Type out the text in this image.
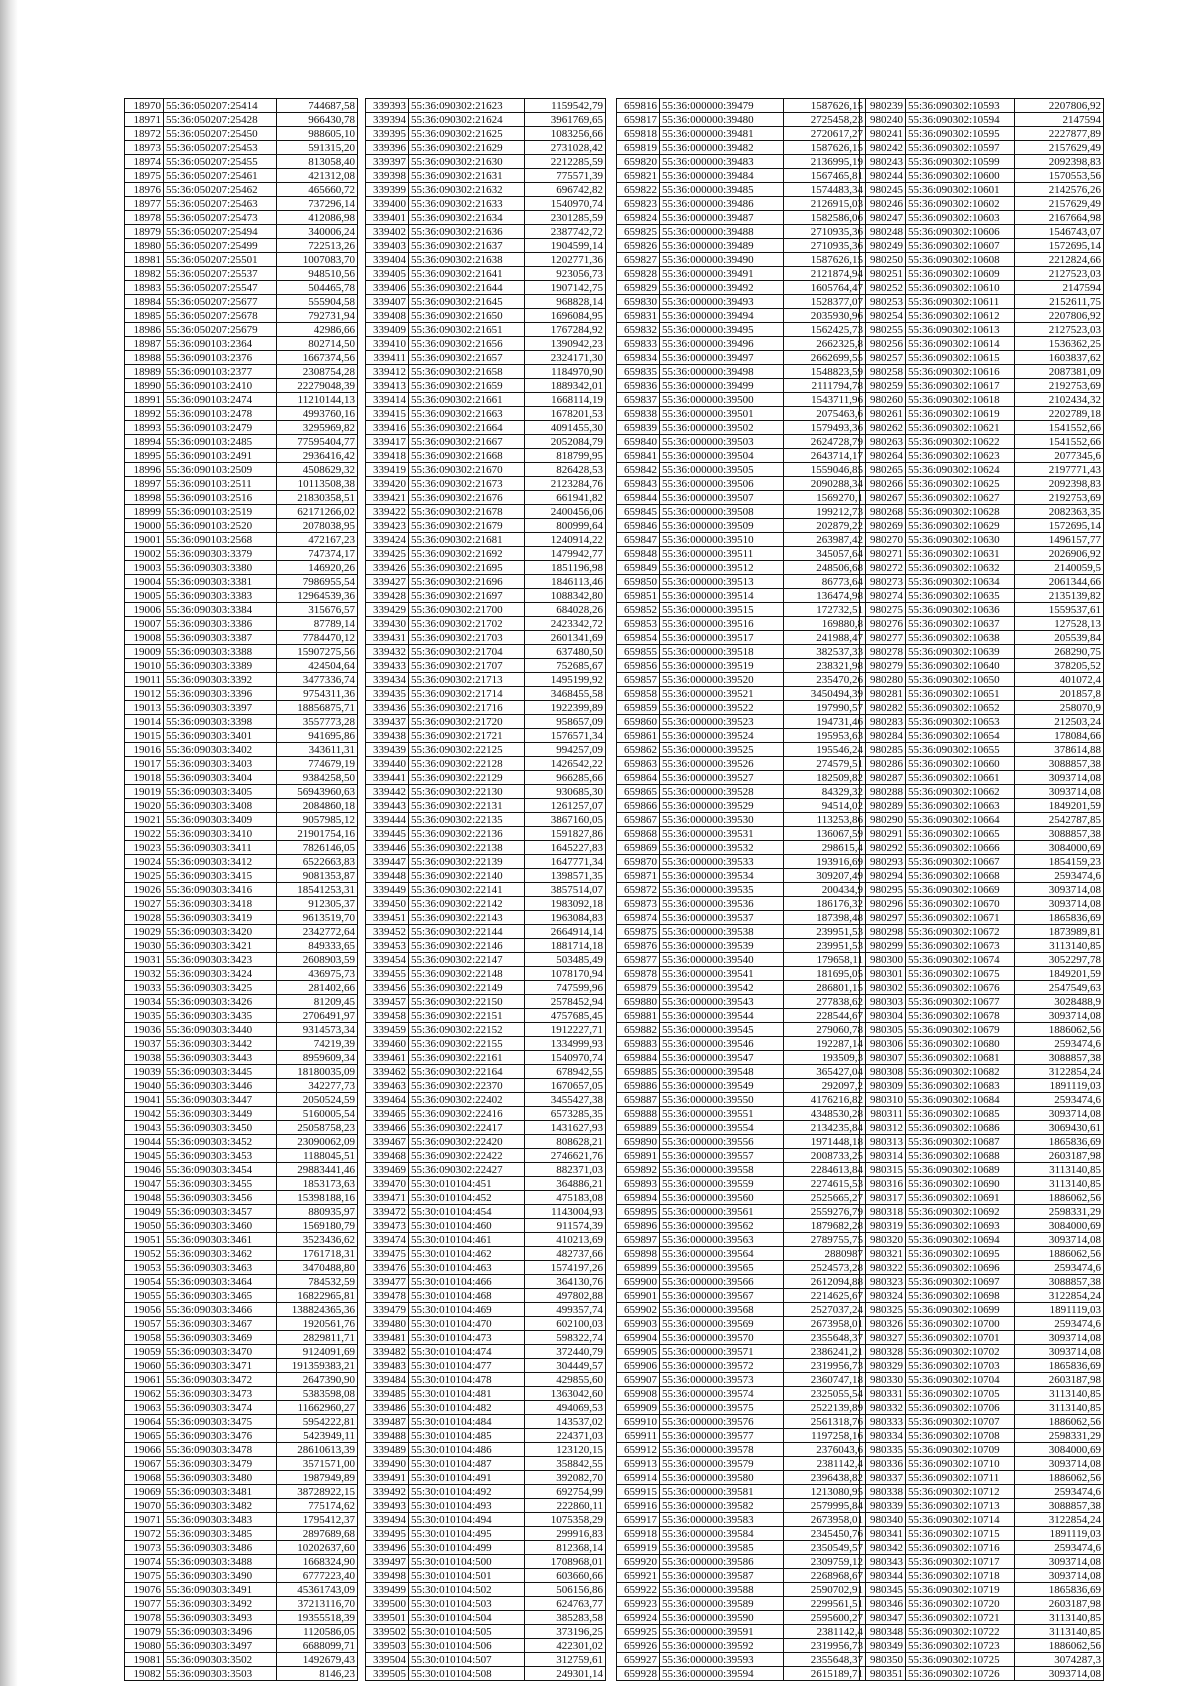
18970	55:36:050207:25414	744687,58
18971	55:36:050207:25428	966430,78
18972	55:36:050207:25450	988605,10
18973	55:36:050207:25453	591315,20
18974	55:36:050207:25455	813058,40
18975	55:36:050207:25461	421312,08
18976	55:36:050207:25462	465660,72
18977	55:36:050207:25463	737296,14
18978	55:36:050207:25473	412086,98
18979	55:36:050207:25494	340006,24
18980	55:36:050207:25499	722513,26
18981	55:36:050207:25501	1007083,70
18982	55:36:050207:25537	948510,56
18983	55:36:050207:25547	504465,78
18984	55:36:050207:25677	555904,58
18985	55:36:050207:25678	792731,94
18986	55:36:050207:25679	42986,66
18987	55:36:090103:2364	802714,50
18988	55:36:090103:2376	1667374,56
18989	55:36:090103:2377	2308754,28
18990	55:36:090103:2410	22279048,39
18991	55:36:090103:2474	11210144,13
18992	55:36:090103:2478	4993760,16
18993	55:36:090103:2479	3295969,82
18994	55:36:090103:2485	77595404,77
18995	55:36:090103:2491	2936416,42
18996	55:36:090103:2509	4508629,32
18997	55:36:090103:2511	10113508,38
18998	55:36:090103:2516	21830358,51
18999	55:36:090103:2519	62171266,02
19000	55:36:090103:2520	2078038,95
19001	55:36:090103:2568	472167,23
19002	55:36:090303:3379	747374,17
19003	55:36:090303:3380	146920,26
19004	55:36:090303:3381	7986955,54
19005	55:36:090303:3383	12964539,36
19006	55:36:090303:3384	315676,57
19007	55:36:090303:3386	87789,14
19008	55:36:090303:3387	7784470,12
19009	55:36:090303:3388	15907275,56
19010	55:36:090303:3389	424504,64
19011	55:36:090303:3392	3477336,74
19012	55:36:090303:3396	9754311,36
19013	55:36:090303:3397	18856875,71
19014	55:36:090303:3398	3557773,28
19015	55:36:090303:3401	941695,86
19016	55:36:090303:3402	343611,31
19017	55:36:090303:3403	774679,19
19018	55:36:090303:3404	9384258,50
19019	55:36:090303:3405	56943960,63
19020	55:36:090303:3408	2084860,18
19021	55:36:090303:3409	9057985,12
19022	55:36:090303:3410	21901754,16
19023	55:36:090303:3411	7826146,05
19024	55:36:090303:3412	6522663,83
19025	55:36:090303:3415	9081353,87
19026	55:36:090303:3416	18541253,31
19027	55:36:090303:3418	912305,37
19028	55:36:090303:3419	9613519,70
19029	55:36:090303:3420	2342772,64
19030	55:36:090303:3421	849333,65
19031	55:36:090303:3423	2608903,59
19032	55:36:090303:3424	436975,73
19033	55:36:090303:3425	281402,66
19034	55:36:090303:3426	81209,45
19035	55:36:090303:3435	2706491,97
19036	55:36:090303:3440	9314573,34
19037	55:36:090303:3442	74219,39
19038	55:36:090303:3443	8959609,34
19039	55:36:090303:3445	18180035,09
19040	55:36:090303:3446	342277,73
19041	55:36:090303:3447	2050524,59
19042	55:36:090303:3449	5160005,54
19043	55:36:090303:3450	25058758,23
19044	55:36:090303:3452	23090062,09
19045	55:36:090303:3453	1188045,51
19046	55:36:090303:3454	29883441,46
19047	55:36:090303:3455	1853173,63
19048	55:36:090303:3456	15398188,16
19049	55:36:090303:3457	880935,97
19050	55:36:090303:3460	1569180,79
19051	55:36:090303:3461	3523436,62
19052	55:36:090303:3462	1761718,31
19053	55:36:090303:3463	3470488,80
19054	55:36:090303:3464	784532,59
19055	55:36:090303:3465	16822965,81
19056	55:36:090303:3466	138824365,36
19057	55:36:090303:3467	1920561,76
19058	55:36:090303:3469	2829811,71
19059	55:36:090303:3470	9124091,69
19060	55:36:090303:3471	191359383,21
19061	55:36:090303:3472	2647390,90
19062	55:36:090303:3473	5383598,08
19063	55:36:090303:3474	11662960,27
19064	55:36:090303:3475	5954222,81
19065	55:36:090303:3476	5423949,11
19066	55:36:090303:3478	28610613,39
19067	55:36:090303:3479	3571571,00
19068	55:36:090303:3480	1987949,89
19069	55:36:090303:3481	38728922,15
19070	55:36:090303:3482	775174,62
19071	55:36:090303:3483	1795412,37
19072	55:36:090303:3485	2897689,68
19073	55:36:090303:3486	10202637,60
19074	55:36:090303:3488	1668324,90
19075	55:36:090303:3490	6777223,40
19076	55:36:090303:3491	45361743,09
19077	55:36:090303:3492	37213116,70
19078	55:36:090303:3493	19355518,39
19079	55:36:090303:3496	1120586,05
19080	55:36:090303:3497	6688099,71
19081	55:36:090303:3502	1492679,43
19082	55:36:090303:3503	8146,23
339393	55:36:090302:21623	1159542,79
339394	55:36:090302:21624	3961769,65
339395	55:36:090302:21625	1083256,66
339396	55:36:090302:21629	2731028,42
339397	55:36:090302:21630	2212285,59
339398	55:36:090302:21631	775571,39
339399	55:36:090302:21632	696742,82
339400	55:36:090302:21633	1540970,74
339401	55:36:090302:21634	2301285,59
339402	55:36:090302:21636	2387742,72
339403	55:36:090302:21637	1904599,14
339404	55:36:090302:21638	1202771,36
339405	55:36:090302:21641	923056,73
339406	55:36:090302:21644	1907142,75
339407	55:36:090302:21645	968828,14
339408	55:36:090302:21650	1696084,95
339409	55:36:090302:21651	1767284,92
339410	55:36:090302:21656	1390942,23
339411	55:36:090302:21657	2324171,30
339412	55:36:090302:21658	1184970,90
339413	55:36:090302:21659	1889342,01
339414	55:36:090302:21661	1668114,19
339415	55:36:090302:21663	1678201,53
339416	55:36:090302:21664	4091455,30
339417	55:36:090302:21667	2052084,79
339418	55:36:090302:21668	818799,95
339419	55:36:090302:21670	826428,53
339420	55:36:090302:21673	2123284,76
339421	55:36:090302:21676	661941,82
339422	55:36:090302:21678	2400456,06
339423	55:36:090302:21679	800999,64
339424	55:36:090302:21681	1240914,22
339425	55:36:090302:21692	1479942,77
339426	55:36:090302:21695	1851196,98
339427	55:36:090302:21696	1846113,46
339428	55:36:090302:21697	1088342,80
339429	55:36:090302:21700	684028,26
339430	55:36:090302:21702	2423342,72
339431	55:36:090302:21703	2601341,69
339432	55:36:090302:21704	637480,50
339433	55:36:090302:21707	752685,67
339434	55:36:090302:21713	1495199,92
339435	55:36:090302:21714	3468455,58
339436	55:36:090302:21716	1922399,89
339437	55:36:090302:21720	958657,09
339438	55:36:090302:21721	1576571,34
339439	55:36:090302:22125	994257,09
339440	55:36:090302:22128	1426542,22
339441	55:36:090302:22129	966285,66
339442	55:36:090302:22130	930685,30
339443	55:36:090302:22131	1261257,07
339444	55:36:090302:22135	3867160,05
339445	55:36:090302:22136	1591827,86
339446	55:36:090302:22138	1645227,83
339447	55:36:090302:22139	1647771,34
339448	55:36:090302:22140	1398571,35
339449	55:36:090302:22141	3857514,07
339450	55:36:090302:22142	1983092,18
339451	55:36:090302:22143	1963084,83
339452	55:36:090302:22144	2664914,14
339453	55:36:090302:22146	1881714,18
339454	55:36:090302:22147	503485,49
339455	55:36:090302:22148	1078170,94
339456	55:36:090302:22149	747599,96
339457	55:36:090302:22150	2578452,94
339458	55:36:090302:22151	4757685,45
339459	55:36:090302:22152	1912227,71
339460	55:36:090302:22155	1334999,93
339461	55:36:090302:22161	1540970,74
339462	55:36:090302:22164	678942,55
339463	55:36:090302:22370	1670657,05
339464	55:36:090302:22402	3455427,38
339465	55:36:090302:22416	6573285,35
339466	55:36:090302:22417	1431627,93
339467	55:36:090302:22420	808628,21
339468	55:36:090302:22422	2746621,76
339469	55:36:090302:22427	882371,03
339470	55:30:010104:451	364886,21
339471	55:30:010104:452	475183,08
339472	55:30:010104:454	1143004,93
339473	55:30:010104:460	911574,39
339474	55:30:010104:461	410213,69
339475	55:30:010104:462	482737,66
339476	55:30:010104:463	1574197,26
339477	55:30:010104:466	364130,76
339478	55:30:010104:468	497802,88
339479	55:30:010104:469	499357,74
339480	55:30:010104:470	602100,03
339481	55:30:010104:473	598322,74
339482	55:30:010104:474	372440,79
339483	55:30:010104:477	304449,57
339484	55:30:010104:478	429855,60
339485	55:30:010104:481	1363042,60
339486	55:30:010104:482	494069,53
339487	55:30:010104:484	143537,02
339488	55:30:010104:485	224371,03
339489	55:30:010104:486	123120,15
339490	55:30:010104:487	358842,55
339491	55:30:010104:491	392082,70
339492	55:30:010104:492	692754,99
339493	55:30:010104:493	222860,11
339494	55:30:010104:494	1075358,29
339495	55:30:010104:495	299916,83
339496	55:30:010104:499	812368,14
339497	55:30:010104:500	1708968,01
339498	55:30:010104:501	603660,66
339499	55:30:010104:502	506156,86
339500	55:30:010104:503	624763,77
339501	55:30:010104:504	385283,58
339502	55:30:010104:505	373196,25
339503	55:30:010104:506	422301,02
339504	55:30:010104:507	312759,61
339505	55:30:010104:508	249301,14
659816	55:36:000000:39479	1587626,15
659817	55:36:000000:39480	2725458,23
659818	55:36:000000:39481	2720617,27
659819	55:36:000000:39482	1587626,15
659820	55:36:000000:39483	2136995,19
659821	55:36:000000:39484	1567465,81
659822	55:36:000000:39485	1574483,34
659823	55:36:000000:39486	2126915,03
659824	55:36:000000:39487	1582586,06
659825	55:36:000000:39488	2710935,36
659826	55:36:000000:39489	2710935,36
659827	55:36:000000:39490	1587626,15
659828	55:36:000000:39491	2121874,94
659829	55:36:000000:39492	1605764,47
659830	55:36:000000:39493	1528377,07
659831	55:36:000000:39494	2035930,96
659832	55:36:000000:39495	1562425,73
659833	55:36:000000:39496	2662325,8
659834	55:36:000000:39497	2662699,55
659835	55:36:000000:39498	1548823,59
659836	55:36:000000:39499	2111794,78
659837	55:36:000000:39500	1543711,96
659838	55:36:000000:39501	2075463,6
659839	55:36:000000:39502	1579493,36
659840	55:36:000000:39503	2624728,79
659841	55:36:000000:39504	2643714,17
659842	55:36:000000:39505	1559046,85
659843	55:36:000000:39506	2090288,34
659844	55:36:000000:39507	1569270,1
659845	55:36:000000:39508	199212,73
659846	55:36:000000:39509	202879,22
659847	55:36:000000:39510	263987,42
659848	55:36:000000:39511	345057,64
659849	55:36:000000:39512	248506,68
659850	55:36:000000:39513	86773,64
659851	55:36:000000:39514	136474,98
659852	55:36:000000:39515	172732,51
659853	55:36:000000:39516	169880,8
659854	55:36:000000:39517	241988,47
659855	55:36:000000:39518	382537,33
659856	55:36:000000:39519	238321,98
659857	55:36:000000:39520	235470,26
659858	55:36:000000:39521	3450494,39
659859	55:36:000000:39522	197990,57
659860	55:36:000000:39523	194731,46
659861	55:36:000000:39524	195953,63
659862	55:36:000000:39525	195546,24
659863	55:36:000000:39526	274579,51
659864	55:36:000000:39527	182509,82
659865	55:36:000000:39528	84329,32
659866	55:36:000000:39529	94514,02
659867	55:36:000000:39530	113253,86
659868	55:36:000000:39531	136067,59
659869	55:36:000000:39532	298615,4
659870	55:36:000000:39533	193916,69
659871	55:36:000000:39534	309207,49
659872	55:36:000000:39535	200434,9
659873	55:36:000000:39536	186176,32
659874	55:36:000000:39537	187398,48
659875	55:36:000000:39538	239951,53
659876	55:36:000000:39539	239951,53
659877	55:36:000000:39540	179658,11
659878	55:36:000000:39541	181695,05
659879	55:36:000000:39542	286801,15
659880	55:36:000000:39543	277838,62
659881	55:36:000000:39544	228544,67
659882	55:36:000000:39545	279060,78
659883	55:36:000000:39546	192287,14
659884	55:36:000000:39547	193509,3
659885	55:36:000000:39548	365427,04
659886	55:36:000000:39549	292097,2
659887	55:36:000000:39550	4176216,82
659888	55:36:000000:39551	4348530,28
659889	55:36:000000:39554	2134235,84
659890	55:36:000000:39556	1971448,18
659891	55:36:000000:39557	2008733,25
659892	55:36:000000:39558	2284613,84
659893	55:36:000000:39559	2274615,53
659894	55:36:000000:39560	2525665,27
659895	55:36:000000:39561	2559276,79
659896	55:36:000000:39562	1879682,28
659897	55:36:000000:39563	2789755,75
659898	55:36:000000:39564	2880987
659899	55:36:000000:39565	2524573,28
659900	55:36:000000:39566	2612094,88
659901	55:36:000000:39567	2214625,67
659902	55:36:000000:39568	2527037,24
659903	55:36:000000:39569	2673958,01
659904	55:36:000000:39570	2355648,37
659905	55:36:000000:39571	2386241,21
659906	55:36:000000:39572	2319956,73
659907	55:36:000000:39573	2360747,18
659908	55:36:000000:39574	2325055,54
659909	55:36:000000:39575	2522139,89
659910	55:36:000000:39576	2561318,76
659911	55:36:000000:39577	1197258,16
659912	55:36:000000:39578	2376043,6
659913	55:36:000000:39579	2381142,4
659914	55:36:000000:39580	2396438,82
659915	55:36:000000:39581	1213080,95
659916	55:36:000000:39582	2579995,84
659917	55:36:000000:39583	2673958,01
659918	55:36:000000:39584	2345450,76
659919	55:36:000000:39585	2350549,57
659920	55:36:000000:39586	2309759,12
659921	55:36:000000:39587	2268968,67
659922	55:36:000000:39588	2590702,91
659923	55:36:000000:39589	2299561,51
659924	55:36:000000:39590	2595600,27
659925	55:36:000000:39591	2381142,4
659926	55:36:000000:39592	2319956,73
659927	55:36:000000:39593	2355648,37
659928	55:36:000000:39594	2615189,71
980239	55:36:090302:10593	2207806,92
980240	55:36:090302:10594	2147594
980241	55:36:090302:10595	2227877,89
980242	55:36:090302:10597	2157629,49
980243	55:36:090302:10599	2092398,83
980244	55:36:090302:10600	1570553,56
980245	55:36:090302:10601	2142576,26
980246	55:36:090302:10602	2157629,49
980247	55:36:090302:10603	2167664,98
980248	55:36:090302:10606	1546743,07
980249	55:36:090302:10607	1572695,14
980250	55:36:090302:10608	2212824,66
980251	55:36:090302:10609	2127523,03
980252	55:36:090302:10610	2147594
980253	55:36:090302:10611	2152611,75
980254	55:36:090302:10612	2207806,92
980255	55:36:090302:10613	2127523,03
980256	55:36:090302:10614	1536362,25
980257	55:36:090302:10615	1603837,62
980258	55:36:090302:10616	2087381,09
980259	55:36:090302:10617	2192753,69
980260	55:36:090302:10618	2102434,32
980261	55:36:090302:10619	2202789,18
980262	55:36:090302:10621	1541552,66
980263	55:36:090302:10622	1541552,66
980264	55:36:090302:10623	2077345,6
980265	55:36:090302:10624	2197771,43
980266	55:36:090302:10625	2092398,83
980267	55:36:090302:10627	2192753,69
980268	55:36:090302:10628	2082363,35
980269	55:36:090302:10629	1572695,14
980270	55:36:090302:10630	1496157,77
980271	55:36:090302:10631	2026906,92
980272	55:36:090302:10632	2140059,5
980273	55:36:090302:10634	2061344,66
980274	55:36:090302:10635	2135139,82
980275	55:36:090302:10636	1559537,61
980276	55:36:090302:10637	127528,13
980277	55:36:090302:10638	205539,84
980278	55:36:090302:10639	268290,75
980279	55:36:090302:10640	378205,52
980280	55:36:090302:10650	401072,4
980281	55:36:090302:10651	201857,8
980282	55:36:090302:10652	258070,9
980283	55:36:090302:10653	212503,24
980284	55:36:090302:10654	178084,66
980285	55:36:090302:10655	378614,88
980286	55:36:090302:10660	3088857,38
980287	55:36:090302:10661	3093714,08
980288	55:36:090302:10662	3093714,08
980289	55:36:090302:10663	1849201,59
980290	55:36:090302:10664	2542787,85
980291	55:36:090302:10665	3088857,38
980292	55:36:090302:10666	3084000,69
980293	55:36:090302:10667	1854159,23
980294	55:36:090302:10668	2593474,6
980295	55:36:090302:10669	3093714,08
980296	55:36:090302:10670	3093714,08
980297	55:36:090302:10671	1865836,69
980298	55:36:090302:10672	1873989,81
980299	55:36:090302:10673	3113140,85
980300	55:36:090302:10674	3052297,78
980301	55:36:090302:10675	1849201,59
980302	55:36:090302:10676	2547549,63
980303	55:36:090302:10677	3028488,9
980304	55:36:090302:10678	3093714,08
980305	55:36:090302:10679	1886062,56
980306	55:36:090302:10680	2593474,6
980307	55:36:090302:10681	3088857,38
980308	55:36:090302:10682	3122854,24
980309	55:36:090302:10683	1891119,03
980310	55:36:090302:10684	2593474,6
980311	55:36:090302:10685	3093714,08
980312	55:36:090302:10686	3069430,61
980313	55:36:090302:10687	1865836,69
980314	55:36:090302:10688	2603187,98
980315	55:36:090302:10689	3113140,85
980316	55:36:090302:10690	3113140,85
980317	55:36:090302:10691	1886062,56
980318	55:36:090302:10692	2598331,29
980319	55:36:090302:10693	3084000,69
980320	55:36:090302:10694	3093714,08
980321	55:36:090302:10695	1886062,56
980322	55:36:090302:10696	2593474,6
980323	55:36:090302:10697	3088857,38
980324	55:36:090302:10698	3122854,24
980325	55:36:090302:10699	1891119,03
980326	55:36:090302:10700	2593474,6
980327	55:36:090302:10701	3093714,08
980328	55:36:090302:10702	3093714,08
980329	55:36:090302:10703	1865836,69
980330	55:36:090302:10704	2603187,98
980331	55:36:090302:10705	3113140,85
980332	55:36:090302:10706	3113140,85
980333	55:36:090302:10707	1886062,56
980334	55:36:090302:10708	2598331,29
980335	55:36:090302:10709	3084000,69
980336	55:36:090302:10710	3093714,08
980337	55:36:090302:10711	1886062,56
980338	55:36:090302:10712	2593474,6
980339	55:36:090302:10713	3088857,38
980340	55:36:090302:10714	3122854,24
980341	55:36:090302:10715	1891119,03
980342	55:36:090302:10716	2593474,6
980343	55:36:090302:10717	3093714,08
980344	55:36:090302:10718	3093714,08
980345	55:36:090302:10719	1865836,69
980346	55:36:090302:10720	2603187,98
980347	55:36:090302:10721	3113140,85
980348	55:36:090302:10722	3113140,85
980349	55:36:090302:10723	1886062,56
980350	55:36:090302:10725	3074287,3
980351	55:36:090302:10726	3093714,08
